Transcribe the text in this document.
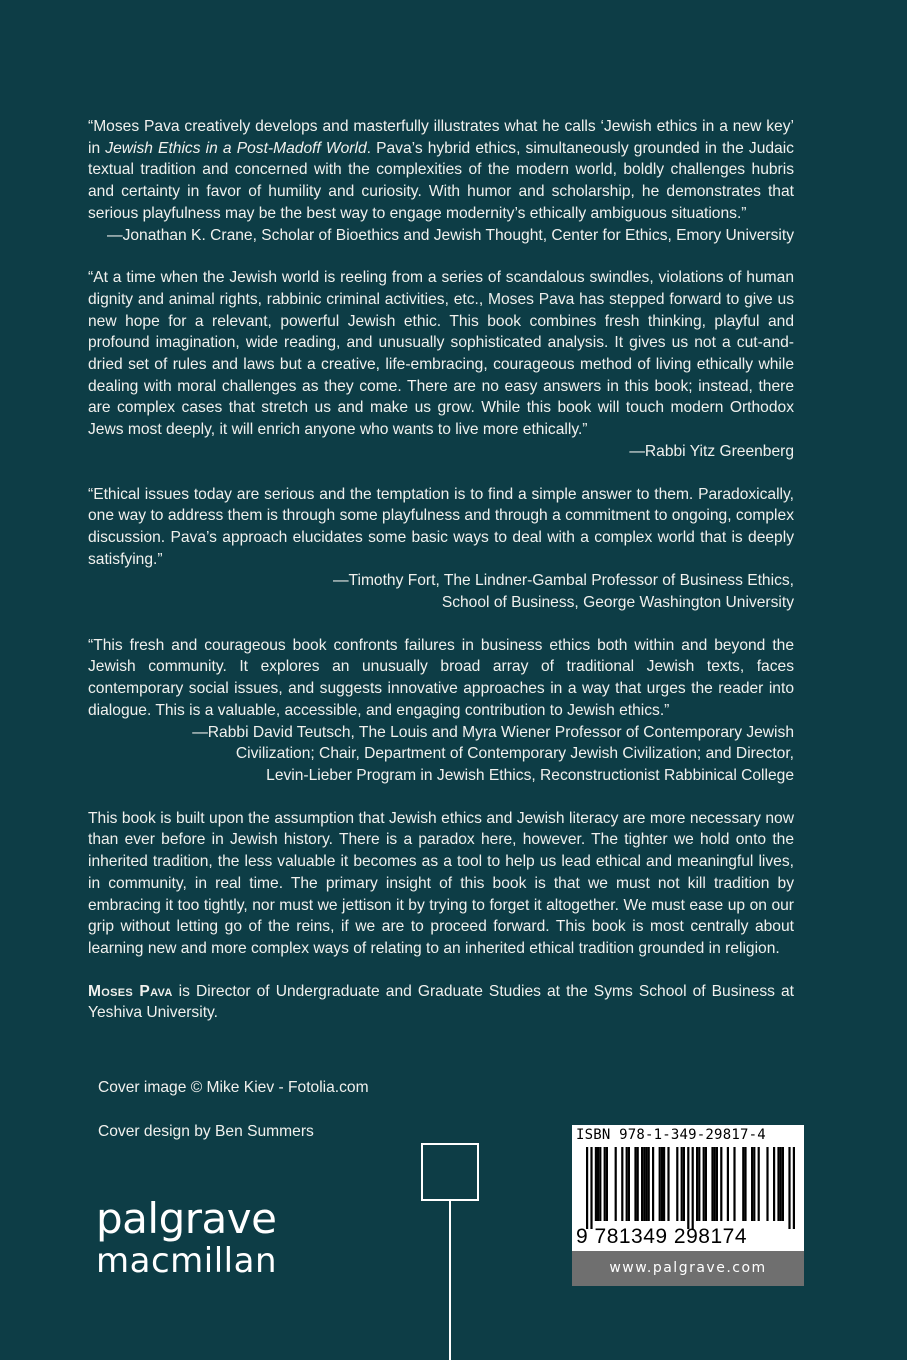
“Moses Pava creatively develops and masterfully illustrates what he calls ‘Jewish ethics in a new key’ in Jewish Ethics in a Post-Madoff World. Pava’s hybrid ethics, simultaneously grounded in the Judaic textual tradition and concerned with the complexities of the modern world, boldly challenges hubris and certainty in favor of humility and curiosity. With humor and scholarship, he demonstrates that serious playfulness may be the best way to engage modernity’s ethically ambiguous situations.”

—Jonathan K. Crane, Scholar of Bioethics and Jewish Thought, Center for Ethics, Emory University

“At a time when the Jewish world is reeling from a series of scandalous swindles, violations of human dignity and animal rights, rabbinic criminal activities, etc., Moses Pava has stepped forward to give us new hope for a relevant, powerful Jewish ethic. This book combines fresh thinking, playful and profound imagination, wide reading, and unusually sophisticated analysis. It gives us not a cut-and-dried set of rules and laws but a creative, life-embracing, courageous method of living ethically while dealing with moral challenges as they come. There are no easy answers in this book; instead, there are complex cases that stretch us and make us grow. While this book will touch modern Orthodox Jews most deeply, it will enrich anyone who wants to live more ethically.”

—Rabbi Yitz Greenberg

“Ethical issues today are serious and the temptation is to find a simple answer to them. Paradoxically, one way to address them is through some playfulness and through a commitment to ongoing, complex discussion. Pava’s approach elucidates some basic ways to deal with a complex world that is deeply satisfying.”

—Timothy Fort, The Lindner-Gambal Professor of Business Ethics,
School of Business, George Washington University

“This fresh and courageous book confronts failures in business ethics both within and beyond the Jewish community. It explores an unusually broad array of traditional Jewish texts, faces contemporary social issues, and suggests innovative approaches in a way that urges the reader into dialogue. This is a valuable, accessible, and engaging contribution to Jewish ethics.”

—Rabbi David Teutsch, The Louis and Myra Wiener Professor of Contemporary Jewish
Civilization; Chair, Department of Contemporary Jewish Civilization; and Director,
Levin-Lieber Program in Jewish Ethics, Reconstructionist Rabbinical College

This book is built upon the assumption that Jewish ethics and Jewish literacy are more necessary now than ever before in Jewish history. There is a paradox here, however. The tighter we hold onto the inherited tradition, the less valuable it becomes as a tool to help us lead ethical and meaningful lives, in community, in real time. The primary insight of this book is that we must not kill tradition by embracing it too tightly, nor must we jettison it by trying to forget it altogether. We must ease up on our grip without letting go of the reins, if we are to proceed forward. This book is most centrally about learning new and more complex ways of relating to an inherited ethical tradition grounded in religion.

Moses Pava is Director of Undergraduate and Graduate Studies at the Syms School of Business at Yeshiva University.

Cover image © Mike Kiev - Fotolia.com
Cover design by Ben Summers
palgrave
macmillan
ISBN 978-1-349-29817-4
9 781349 298174
www.palgrave.com
